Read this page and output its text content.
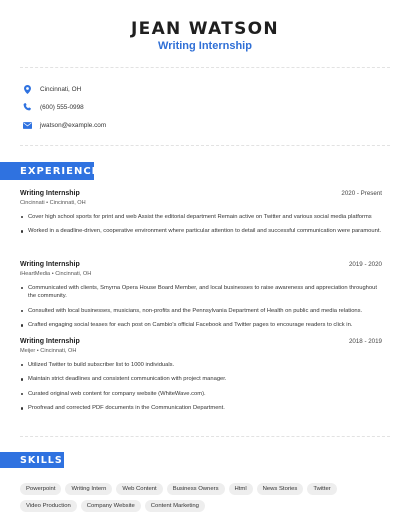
JEAN WATSON
Writing Internship
Cincinnati, OH
(600) 555-0998
jwatson@example.com
EXPERIENCE
Writing Internship	2020 - Present
Cincinnati • Cincinnati, OH
Cover high school sports for print and web Assist the editorial department Remain active on Twitter and various social media platforms
Worked in a deadline-driven, cooperative environment where particular attention to detail and successful communication were paramount.
Writing Internship	2019 - 2020
iHeartMedia • Cincinnati, OH
Communicated with clients, Smyrna Opera House Board Member, and local businesses to raise awareness and appreciation throughout the community.
Consulted with local businesses, musicians, non-profits and the Pennsylvania Department of Health on public and media relations.
Crafted engaging social teases for each post on Cambio's official Facebook and Twitter pages to encourage readers to click in.
Writing Internship	2018 - 2019
Meijer • Cincinnati, OH
Utilized Twitter to build subscriber list to 1000 individuals.
Maintain strict deadlines and consistent communication with project manager.
Curated original web content for company website (WhiteWave.com).
Proofread and corrected PDF documents in the Communication Department.
SKILLS
Powerpoint	Writing Intern	Web Content	Business Owners	Html	News Stories	Twitter
Video Production	Company Website	Content Marketing
